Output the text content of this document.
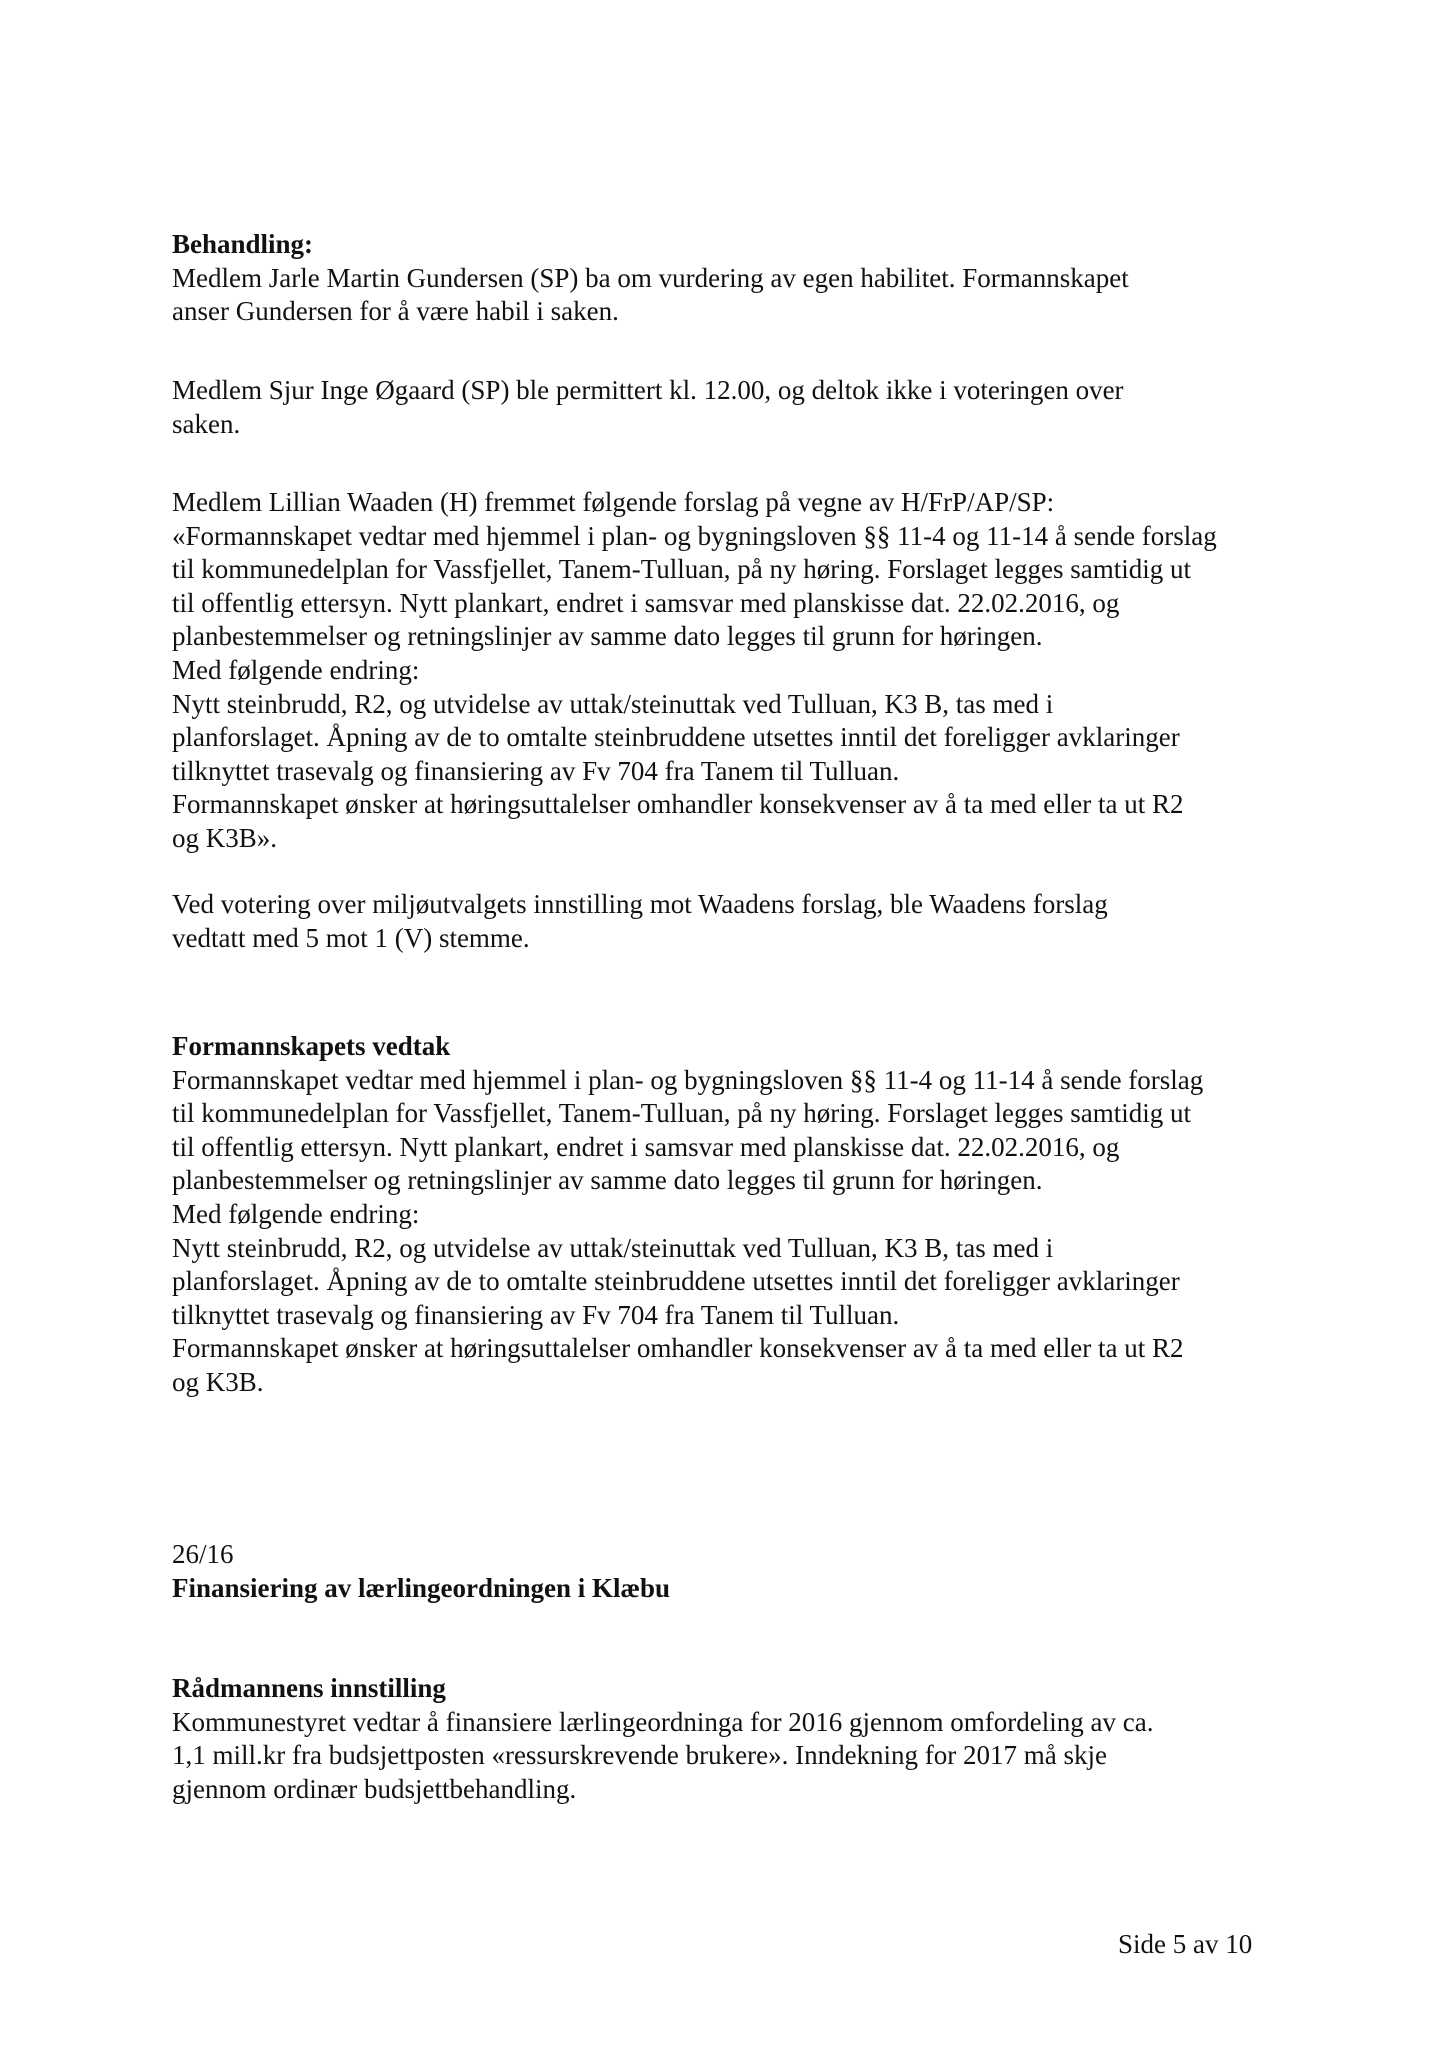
Behandling:

Medlem Jarle Martin Gundersen (SP) ba om vurdering av egen habilitet. Formannskapet

anser Gundersen for å være habil i saken.

Medlem Sjur Inge Øgaard (SP) ble permittert kl. 12.00, og deltok ikke i voteringen over

saken.

Medlem Lillian Waaden (H) fremmet følgende forslag på vegne av H/FrP/AP/SP:

«Formannskapet vedtar med hjemmel i plan- og bygningsloven §§ 11-4 og 11-14 å sende forslag

til kommunedelplan for Vassfjellet, Tanem-Tulluan, på ny høring. Forslaget legges samtidig ut

til offentlig ettersyn. Nytt plankart, endret i samsvar med planskisse dat. 22.02.2016, og

planbestemmelser og retningslinjer av samme dato legges til grunn for høringen.

Med følgende endring:

Nytt steinbrudd, R2, og utvidelse av uttak/steinuttak ved Tulluan, K3 B, tas med i

planforslaget. Åpning av de to omtalte steinbruddene utsettes inntil det foreligger avklaringer

tilknyttet trasevalg og finansiering av Fv 704 fra Tanem til Tulluan.

Formannskapet ønsker at høringsuttalelser omhandler konsekvenser av å ta med eller ta ut R2

og K3B».

Ved votering over miljøutvalgets innstilling mot Waadens forslag, ble Waadens forslag

vedtatt med 5 mot 1 (V) stemme.

Formannskapets vedtak

Formannskapet vedtar med hjemmel i plan- og bygningsloven §§ 11-4 og 11-14 å sende forslag

til kommunedelplan for Vassfjellet, Tanem-Tulluan, på ny høring. Forslaget legges samtidig ut

til offentlig ettersyn. Nytt plankart, endret i samsvar med planskisse dat. 22.02.2016, og

planbestemmelser og retningslinjer av samme dato legges til grunn for høringen.

Med følgende endring:

Nytt steinbrudd, R2, og utvidelse av uttak/steinuttak ved Tulluan, K3 B, tas med i

planforslaget. Åpning av de to omtalte steinbruddene utsettes inntil det foreligger avklaringer

tilknyttet trasevalg og finansiering av Fv 704 fra Tanem til Tulluan.

Formannskapet ønsker at høringsuttalelser omhandler konsekvenser av å ta med eller ta ut R2

og K3B.

26/16

Finansiering av lærlingeordningen i Klæbu

Rådmannens innstilling

Kommunestyret vedtar å finansiere lærlingeordninga for 2016 gjennom omfordeling av ca.

1,1 mill.kr fra budsjettposten «ressurskrevende brukere». Inndekning for 2017 må skje

gjennom ordinær budsjettbehandling.

Side 5 av 10
